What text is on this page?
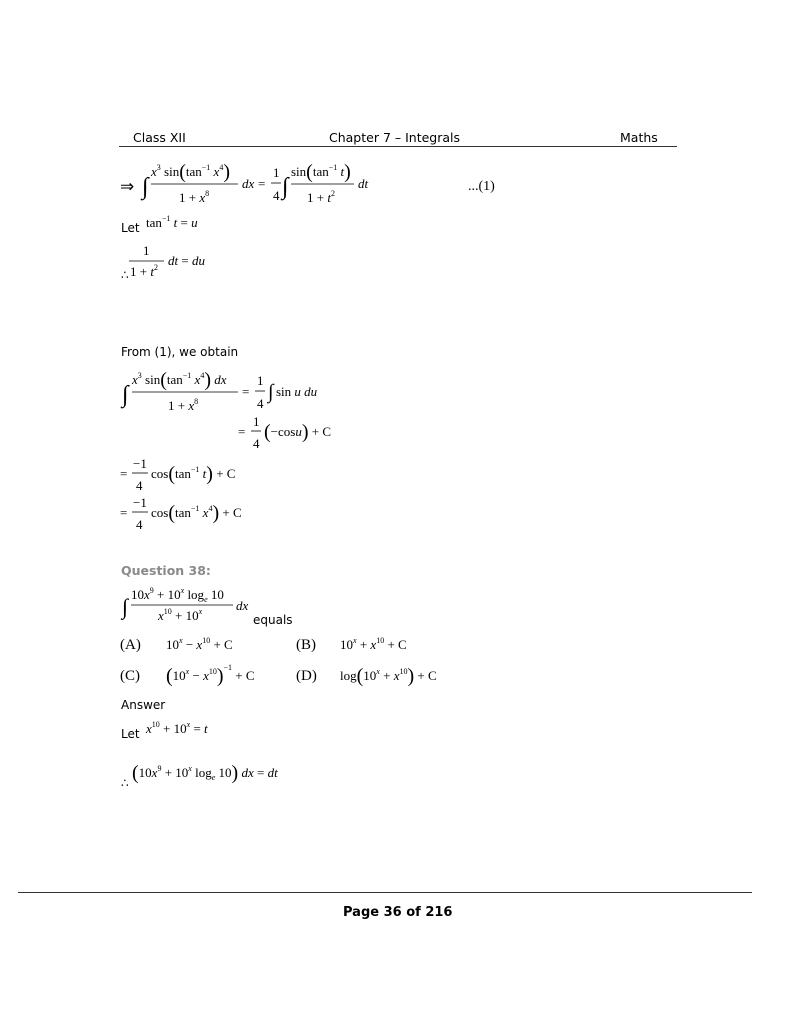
Class XII	Chapter 7 – Integrals	Maths
⇒ ∫
$x^3$ $\sin(\tan^{-1}$ $x^4$)
$1 + x^8$
dx =
1
4 ∫
$\sin(\tan^{-1}$ t)
$1 + t^2$
dt	...(1)
Let $\tan^{-1} t = u$
∴
1
$1 + t^2$ dt = du
From (1), we obtain
∫
$x^3$ $\sin(\tan^{-1}$ $x^4$) dx
$1 + x^8$
=
1
4
∫ sin u du
=
1
4
(−cosu) + C
=
−1
4
$\cos(\tan^{-1}$ t) + C
=
−1
4
$\cos(\tan^{-1}$ $x^4) + C$
Question 38:
∫ $10x^9 + 10^x$ $\log_e 10$
$x^{10} + 10^x$	dx
equals
(A) $10^x - x^{10} + C$	(B) $10^x + x^{10} + C$
(C) $(10^x - x^{10})^{-1} + C$	(D) $\log(10^x + x^{10}) + C$
Answer
Let $x^{10} + 10^x = t$
∴ ($10x^9 + 10^x$ $\log_e 10$) dx = dt
Page 36 of 216
